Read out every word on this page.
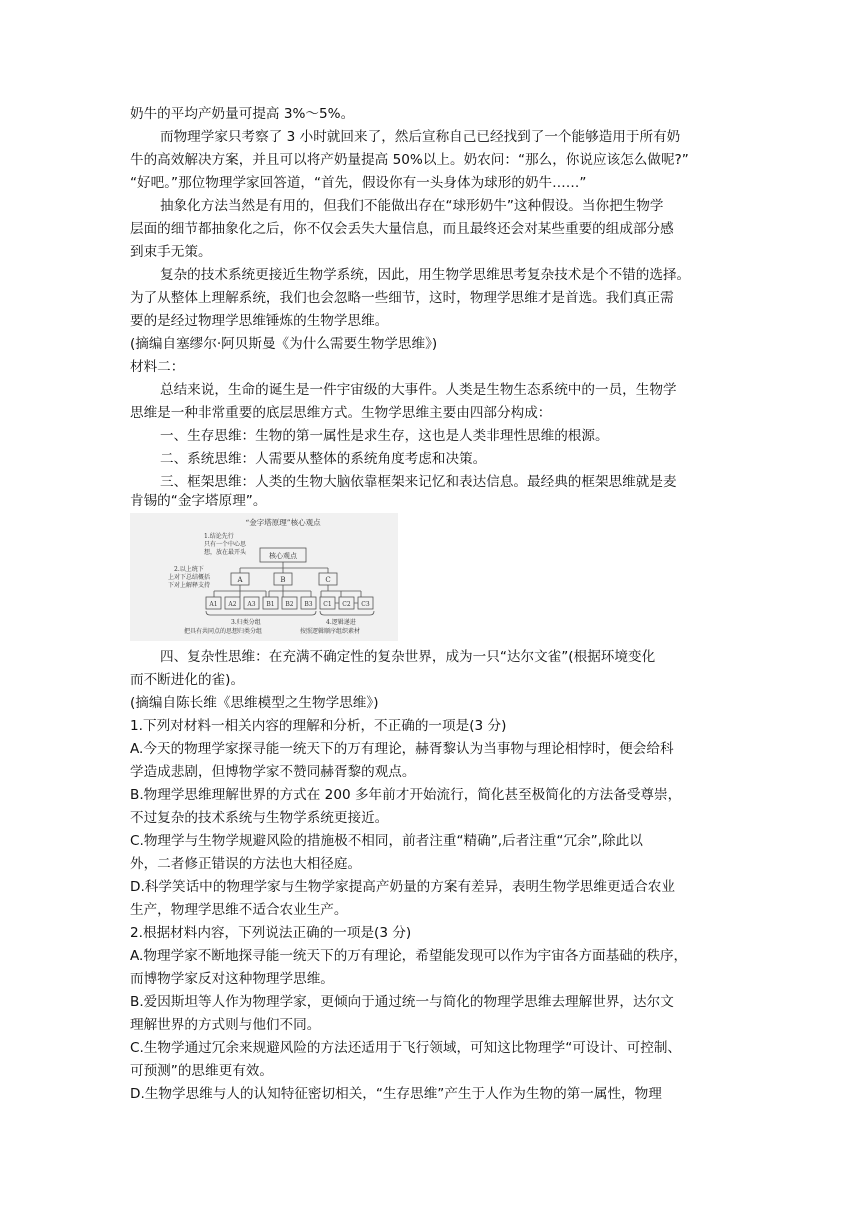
奶牛的平均产奶量可提高 3%～5%。
而物理学家只考察了 3 小时就回来了，然后宣称自己已经找到了一个能够造用于所有奶
牛的高效解决方案，并且可以将产奶量提高 50%以上。奶农问：“那么，你说应该怎么做呢?”
“好吧。”那位物理学家回答道，“首先，假设你有一头身体为球形的奶牛……”
抽象化方法当然是有用的，但我们不能做出存在“球形奶牛”这种假设。当你把生物学
层面的细节都抽象化之后，你不仅会丢失大量信息，而且最终还会对某些重要的组成部分感
到束手无策。
复杂的技术系统更接近生物学系统，因此，用生物学思维思考复杂技术是个不错的选择。
为了从整体上理解系统，我们也会忽略一些细节，这时，物理学思维才是首选。我们真正需
要的是经过物理学思维锤炼的生物学思维。
(摘编自塞缪尔·阿贝斯曼《为什么需要生物学思维》)
材料二：
总结来说，生命的诞生是一件宇宙级的大事件。人类是生物生态系统中的一员，生物学
思维是一种非常重要的底层思维方式。生物学思维主要由四部分构成：
一、生存思维：生物的第一属性是求生存，这也是人类非理性思维的根源。
二、系统思维：人需要从整体的系统角度考虑和决策。
三、框架思维：人类的生物大脑依靠框架来记忆和表达信息。最经典的框架思维就是麦
肯锡的“金字塔原理”。
“金字塔原理”核心观点
核心观点
A	B	C
A1 A2 A3 B1 B2 B3 C1 C2 C3
1.结论先行
只有一个中心思
想，放在最开头
2.以上统下
上对下总结概括
下对上解释支持
3.归类分组
把具有共同点的思想归类分组
4.逻辑递进
按照逻辑顺序组织素材
四、复杂性思维：在充满不确定性的复杂世界，成为一只“达尔文雀”(根据环境变化
而不断进化的雀)。
(摘编自陈长维《思维模型之生物学思维》)
1.下列对材料一相关内容的理解和分析，不正确的一项是(3 分)
A.今天的物理学家探寻能一统天下的万有理论，赫胥黎认为当事物与理论相悖时，便会给科
学造成悲剧，但博物学家不赞同赫胥黎的观点。
B.物理学思维理解世界的方式在 200 多年前才开始流行，简化甚至极简化的方法备受尊崇，
不过复杂的技术系统与生物学系统更接近。
C.物理学与生物学规避风险的措施极不相同，前者注重“精确”,后者注重“冗余”,除此以
外，二者修正错误的方法也大相径庭。
D.科学笑话中的物理学家与生物学家提高产奶量的方案有差异，表明生物学思维更适合农业
生产，物理学思维不适合农业生产。
2.根据材料内容，下列说法正确的一项是(3 分)
A.物理学家不断地探寻能一统天下的万有理论，希望能发现可以作为宇宙各方面基础的秩序，
而博物学家反对这种物理学思维。
B.爱因斯坦等人作为物理学家，更倾向于通过统一与简化的物理学思维去理解世界，达尔文
理解世界的方式则与他们不同。
C.生物学通过冗余来规避风险的方法还适用于飞行领域，可知这比物理学“可设计、可控制、
可预测”的思维更有效。
D.生物学思维与人的认知特征密切相关，“生存思维”产生于人作为生物的第一属性，物理
